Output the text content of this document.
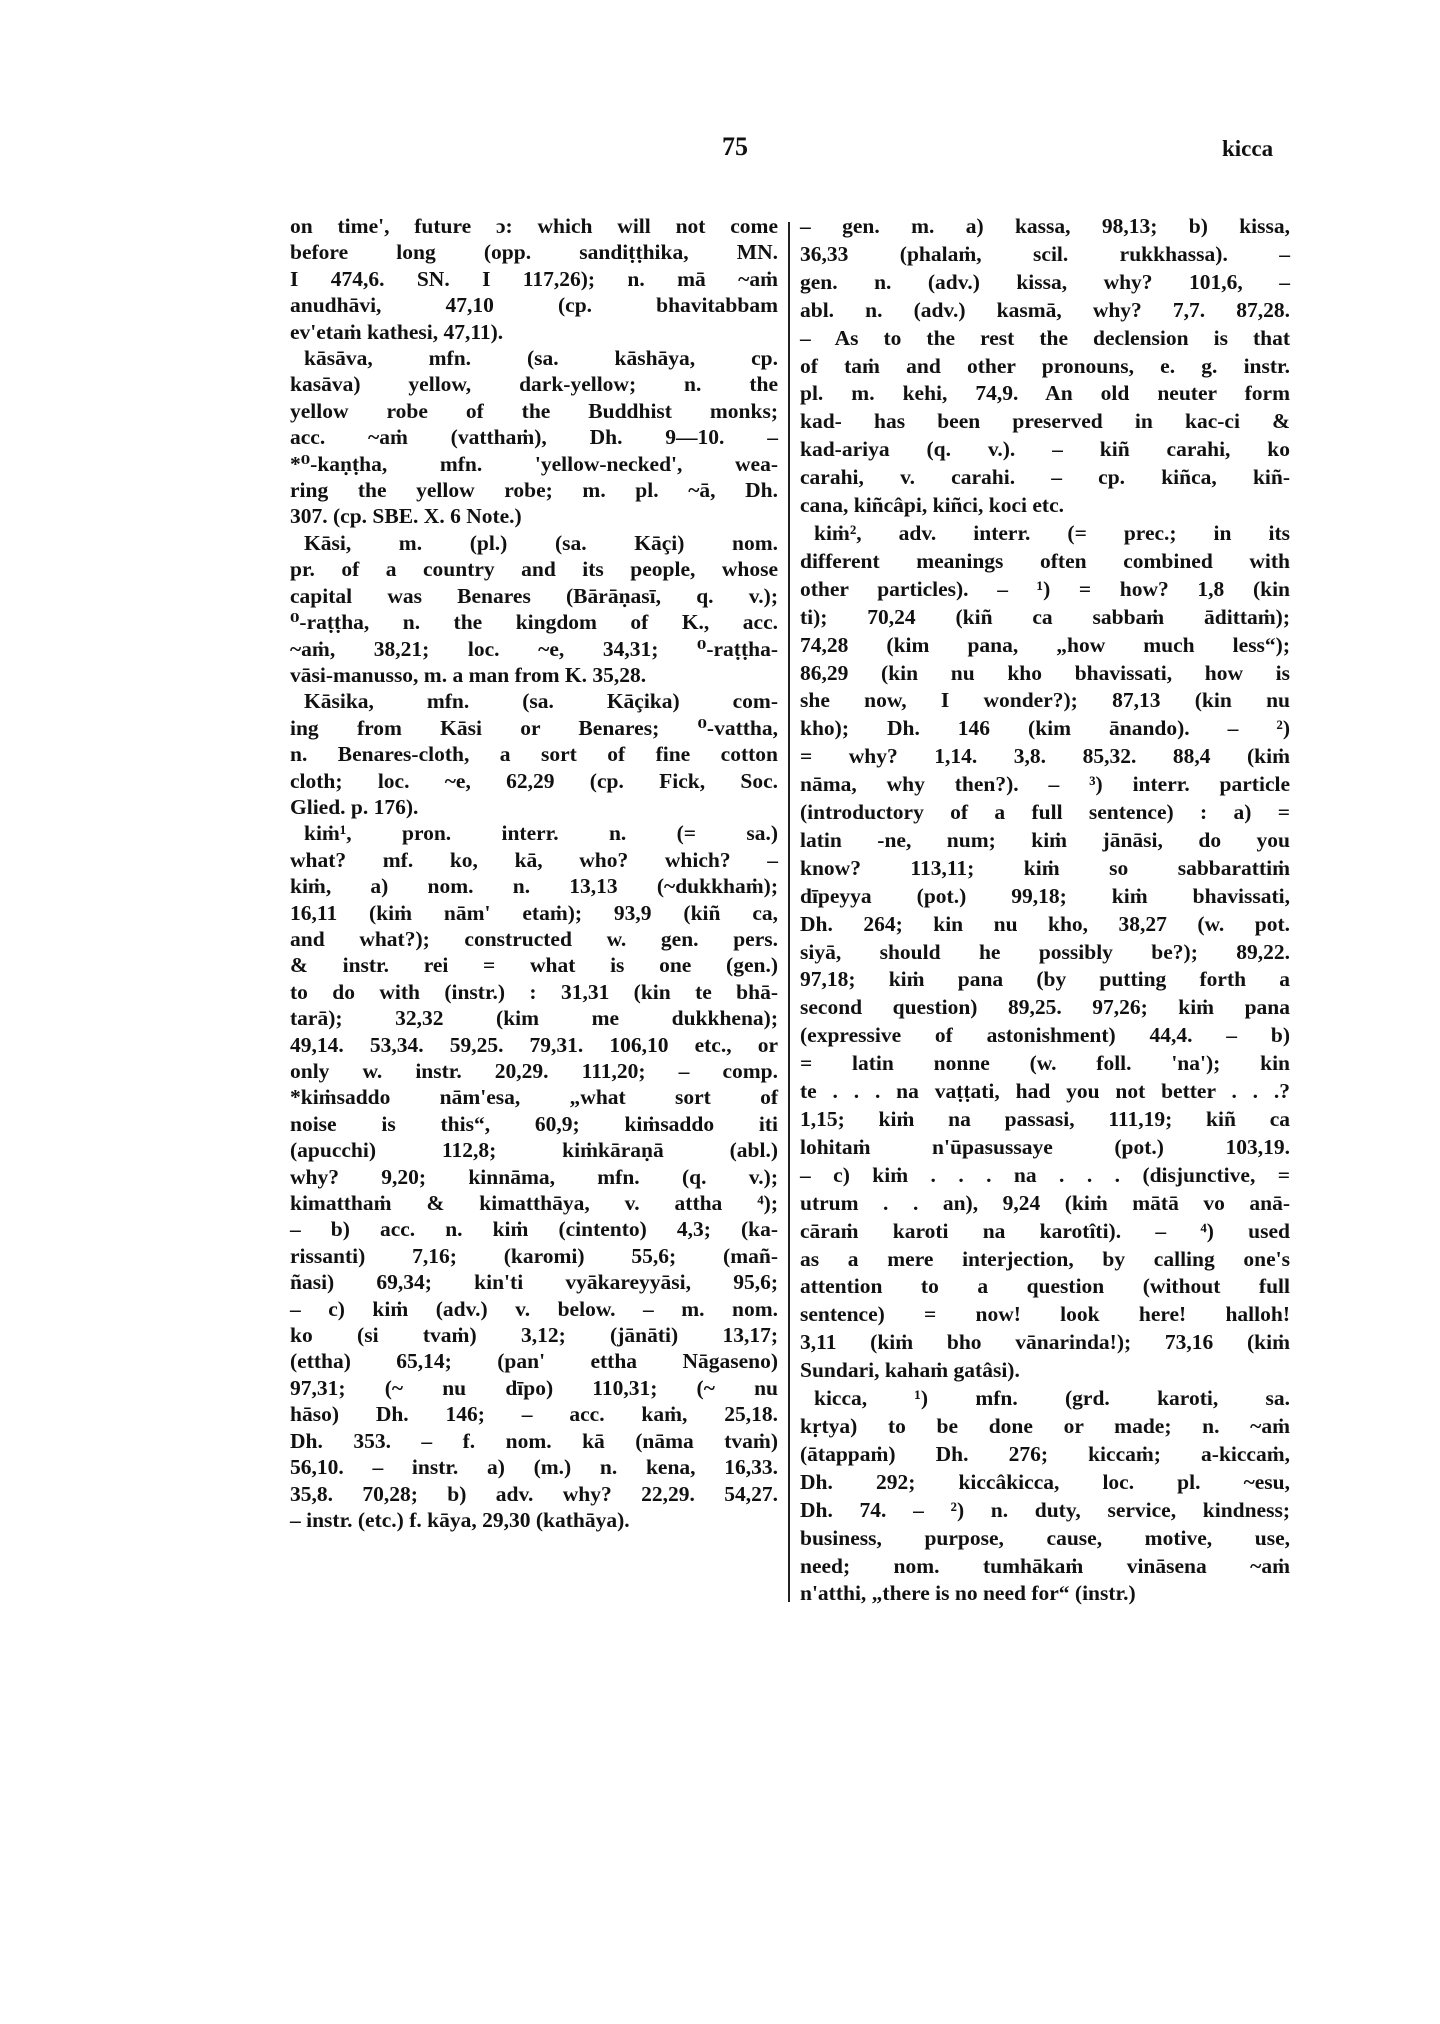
75	kicca
on time', future ɔ: which will not come
before long (opp. sandiṭṭhika, MN.
I 474,6. SN. I 117,26); n. mā ~aṁ
anudhāvi, 47,10 (cp. bhavitabbam
ev'etaṁ kathesi, 47,11).
kāsāva, mfn. (sa. kāshāya, cp.
kasāva) yellow, dark-yellow; n. the
yellow robe of the Buddhist monks;
acc. ~aṁ (vatthaṁ), Dh. 9—10. –
*⁰-kaṇṭha, mfn. 'yellow-necked', wea-
ring the yellow robe; m. pl. ~ā, Dh.
307. (cp. SBE. X. 6 Note.)
Kāsi, m. (pl.) (sa. Kāçi) nom.
pr. of a country and its people, whose
capital was Benares (Bārāṇasī, q. v.);
⁰-raṭṭha, n. the kingdom of K., acc.
~aṁ, 38,21; loc. ~e, 34,31; ⁰-raṭṭha-
vāsi-manusso, m. a man from K. 35,28.
Kāsika, mfn. (sa. Kāçika) com-
ing from Kāsi or Benares; ⁰-vattha,
n. Benares-cloth, a sort of fine cotton
cloth; loc. ~e, 62,29 (cp. Fick, Soc.
Glied. p. 176).
kiṁ¹, pron. interr. n. (= sa.)
what? mf. ko, kā, who? which? –
kiṁ, a) nom. n. 13,13 (~dukkhaṁ);
16,11 (kiṁ nām' etaṁ); 93,9 (kiñ ca,
and what?); constructed w. gen. pers.
& instr. rei = what is one (gen.)
to do with (instr.) : 31,31 (kin te bhā-
tarā); 32,32 (kim me dukkhena);
49,14. 53,34. 59,25. 79,31. 106,10 etc., or
only w. instr. 20,29. 111,20; – comp.
*kiṁsaddo nām'esa, „what sort of
noise is this“, 60,9; kiṁsaddo iti
(apucchi) 112,8; kiṁkāraṇā (abl.)
why? 9,20; kinnāma, mfn. (q. v.);
kimatthaṁ & kimatthāya, v. attha ⁴);
– b) acc. n. kiṁ (cintento) 4,3; (ka-
rissanti) 7,16; (karomi) 55,6; (mañ-
ñasi) 69,34; kin'ti vyākareyyāsi, 95,6;
– c) kiṁ (adv.) v. below. – m. nom.
ko (si tvaṁ) 3,12; (jānāti) 13,17;
(ettha) 65,14; (pan' ettha Nāgaseno)
97,31; (~ nu dīpo) 110,31; (~ nu
hāso) Dh. 146; – acc. kaṁ, 25,18.
Dh. 353. – f. nom. kā (nāma tvaṁ)
56,10. – instr. a) (m.) n. kena, 16,33.
35,8. 70,28; b) adv. why? 22,29. 54,27.
– instr. (etc.) f. kāya, 29,30 (kathāya).
– gen. m. a) kassa, 98,13; b) kissa,
36,33 (phalaṁ, scil. rukkhassa). –
gen. n. (adv.) kissa, why? 101,6, –
abl. n. (adv.) kasmā, why? 7,7. 87,28.
– As to the rest the declension is that
of taṁ and other pronouns, e. g. instr.
pl. m. kehi, 74,9. An old neuter form
kad- has been preserved in kac-ci &
kad-ariya (q. v.). – kiñ carahi, ko
carahi, v. carahi. – cp. kiñca, kiñ-
cana, kiñcâpi, kiñci, koci etc.
kiṁ², adv. interr. (= prec.; in its
different meanings often combined with
other particles). – ¹) = how? 1,8 (kin
ti); 70,24 (kiñ ca sabbaṁ ādittaṁ);
74,28 (kim pana, „how much less“);
86,29 (kin nu kho bhavissati, how is
she now, I wonder?); 87,13 (kin nu
kho); Dh. 146 (kim ānando). – ²)
= why? 1,14. 3,8. 85,32. 88,4 (kiṁ
nāma, why then?). – ³) interr. particle
(introductory of a full sentence) : a) =
latin -ne, num; kiṁ jānāsi, do you
know? 113,11; kiṁ so sabbarattiṁ
dīpeyya (pot.) 99,18; kiṁ bhavissati,
Dh. 264; kin nu kho, 38,27 (w. pot.
siyā, should he possibly be?); 89,22.
97,18; kiṁ pana (by putting forth a
second question) 89,25. 97,26; kiṁ pana
(expressive of astonishment) 44,4. – b)
= latin nonne (w. foll. 'na'); kin
te . . . na vaṭṭati, had you not better . . .?
1,15; kiṁ na passasi, 111,19; kiñ ca
lohitaṁ n'ūpasussaye (pot.) 103,19.
– c) kiṁ . . . na . . . (disjunctive, =
utrum . . an), 9,24 (kiṁ mātā vo anā-
cāraṁ karoti na karotîti). – ⁴) used
as a mere interjection, by calling one's
attention to a question (without full
sentence) = now! look here! halloh!
3,11 (kiṁ bho vānarinda!); 73,16 (kiṁ
Sundari, kahaṁ gatâsi).
kicca, ¹) mfn. (grd. karoti, sa.
kṛtya) to be done or made; n. ~aṁ
(ātappaṁ) Dh. 276; kiccaṁ; a-kiccaṁ,
Dh. 292; kiccâkicca, loc. pl. ~esu,
Dh. 74. – ²) n. duty, service, kindness;
business, purpose, cause, motive, use,
need; nom. tumhākaṁ vināsena ~aṁ
n'atthi, „there is no need for“ (instr.)
